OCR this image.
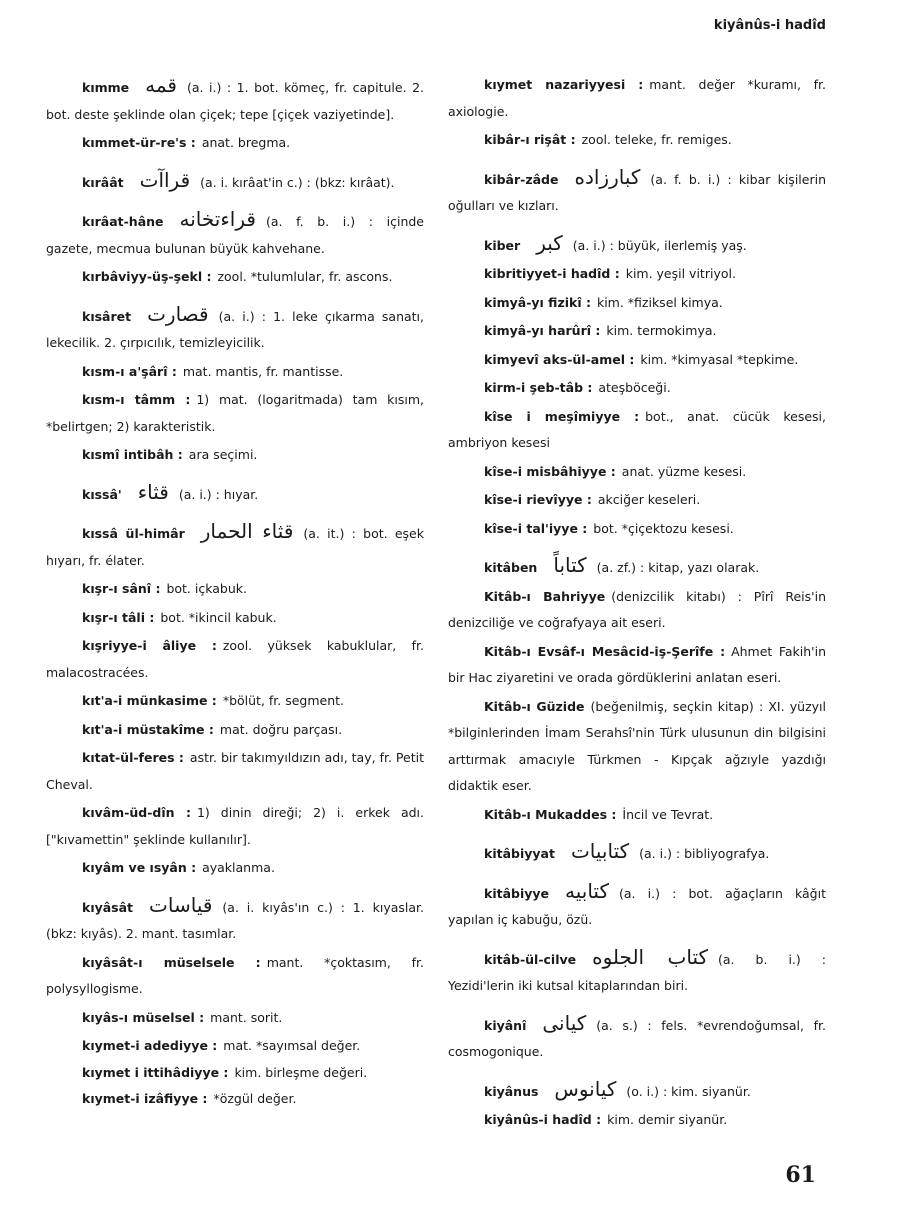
kiyânûs-i hadîd
kımme قمه (a. i.) : 1. bot. kömeç, fr. capitule. 2. bot. deste şeklinde olan çiçek; tepe [çiçek vaziyetinde].
kımmet-ür-re's : anat. bregma.
kırâât قراآت (a. i. kırâat'in c.) : (bkz: kırâat).
kırâat-hâne قراءتخانه (a. f. b. i.) : içinde gazete, mecmua bulunan büyük kahvehane.
kırbâviyy-üş-şekl : zool. *tulumlular, fr. ascons.
kısâret قصارت (a. i.) : 1. leke çıkarma sanatı, lekecilik. 2. çırpıcılık, temizleyicilik.
kısm-ı a'şârî : mat. mantis, fr. mantisse.
kısm-ı tâmm : 1) mat. (logaritmada) tam kısım, *belirtgen; 2) karakteristik.
kısmî intibâh : ara seçimi.
kıssâ' قثاء (a. i.) : hıyar.
kıssâ ül-himâr قثاء الحمار (a. it.) : bot. eşek hıyarı, fr. élater.
kışr-ı sânî : bot. içkabuk.
kışr-ı tâli : bot. *ikincil kabuk.
kışriyye-i âliye : zool. yüksek kabuklular, fr. malacostracées.
kıt'a-i münkasime : *bölüt, fr. segment.
kıt'a-i müstakîme : mat. doğru parçası.
kıtat-ül-feres : astr. bir takımyıldızın adı, tay, fr. Petit Cheval.
kıvâm-üd-dîn : 1) dinin direği; 2) i. erkek adı. ["kıvamettin" şeklinde kullanılır].
kıyâm ve ısyân : ayaklanma.
kıyâsât قياسات (a. i. kıyâs'ın c.) : 1. kıyaslar. (bkz: kıyâs). 2. mant. tasımlar.
kıyâsât-ı müselsele : mant. *çoktasım, fr. polysyllogisme.
kıyâs-ı müselsel : mant. sorit.
kıymet-i adediyye : mat. *sayımsal değer.
kıymet i ittihâdiyye : kim. birleşme değeri.
kıymet-i izâfiyye : *özgül değer.
kıymet nazariyyesi : mant. değer *kuramı, fr. axiologie.
kibâr-ı rişât : zool. teleke, fr. remiges.
kibâr-zâde كبارزاده (a. f. b. i.) : kibar kişilerin oğulları ve kızları.
kiber كبر (a. i.) : büyük, ilerlemiş yaş.
kibritiyyet-i hadîd : kim. yeşil vitriyol.
kimyâ-yı fizikî : kim. *fiziksel kimya.
kimyâ-yı harûrî : kim. termokimya.
kimyevî aks-ül-amel : kim. *kimyasal *tepkime.
kirm-i şeb-tâb : ateşböceği.
kîse i meşîmiyye : bot., anat. cücük kesesi, ambriyon kesesi
kîse-i misbâhiyye : anat. yüzme kesesi.
kîse-i rievîyye : akciğer keseleri.
kîse-i tal'iyye : bot. *çiçektozu kesesi.
kitâben كتاباً (a. zf.) : kitap, yazı olarak.
Kitâb-ı Bahriyye (denizcilik kitabı) : Pîrî Reis'in denizciliğe ve coğrafyaya ait eseri.
Kitâb-ı Evsâf-ı Mesâcid-iş-Şerîfe : Ahmet Fakih'in bir Hac ziyaretini ve orada gördüklerini anlatan eseri.
Kitâb-ı Güzide (beğenilmiş, seçkin kitap) : XI. yüzyıl *bilginlerinden İmam Serahsî'nin Türk ulusunun din bilgisini arttırmak amacıyle Türkmen - Kıpçak ağzıyle yazdığı didaktik eser.
Kitâb-ı Mukaddes : İncil ve Tevrat.
kitâbiyyat كتابيات (a. i.) : bibliyografya.
kitâbiyye كتابيه (a. i.) : bot. ağaçların kâğıt yapılan iç kabuğu, özü.
kitâb-ül-cilve كتاب الجلوه (a. b. i.) : Yezidi'lerin iki kutsal kitaplarından biri.
kiyânî كيانى (a. s.) : fels. *evrendoğumsal, fr. cosmogonique.
kiyânus كيانوس (o. i.) : kim. siyanür.
kiyânûs-i hadîd : kim. demir siyanür.
61
